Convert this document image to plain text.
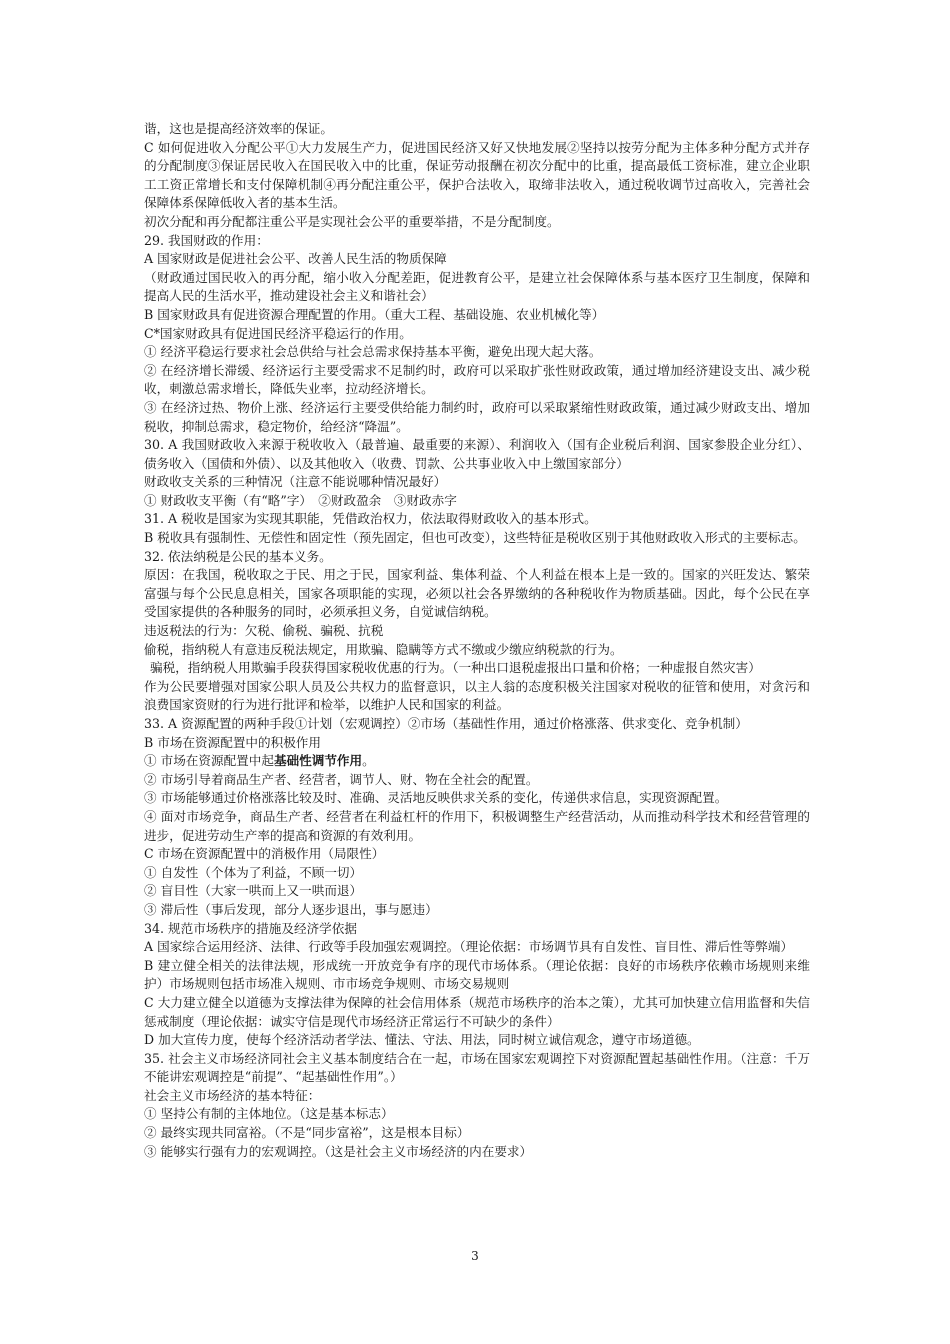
谐，这也是提高经济效率的保证。

C 如何促进收入分配公平①大力发展生产力，促进国民经济又好又快地发展②坚持以按劳分配为主体多种分配方式并存的分配制度③保证居民收入在国民收入中的比重，保证劳动报酬在初次分配中的比重，提高最低工资标准，建立企业职工工资正常增长和支付保障机制④再分配注重公平，保护合法收入，取缔非法收入，通过税收调节过高收入，完善社会保障体系保障低收入者的基本生活。

初次分配和再分配都注重公平是实现社会公平的重要举措，不是分配制度。

29. 我国财政的作用：

A 国家财政是促进社会公平、改善人民生活的物质保障

（财政通过国民收入的再分配，缩小收入分配差距，促进教育公平，是建立社会保障体系与基本医疗卫生制度，保障和提高人民的生活水平，推动建设社会主义和谐社会）

B 国家财政具有促进资源合理配置的作用。（重大工程、基础设施、农业机械化等）

C*国家财政具有促进国民经济平稳运行的作用。

① 经济平稳运行要求社会总供给与社会总需求保持基本平衡，避免出现大起大落。

② 在经济增长滞缓、经济运行主要受需求不足制约时，政府可以采取扩张性财政政策，通过增加经济建设支出、减少税收，刺激总需求增长，降低失业率，拉动经济增长。

③ 在经济过热、物价上涨、经济运行主要受供给能力制约时，政府可以采取紧缩性财政政策，通过减少财政支出、增加税收，抑制总需求，稳定物价，给经济“降温”。

30. A 我国财政收入来源于税收收入（最普遍、最重要的来源）、利润收入（国有企业税后利润、国家参股企业分红）、债务收入（国债和外债）、以及其他收入（收费、罚款、公共事业收入中上缴国家部分）

财政收支关系的三种情况（注意不能说哪种情况最好）

① 财政收支平衡（有“略”字）　②财政盈余　③财政赤字

31. A 税收是国家为实现其职能，凭借政治权力，依法取得财政收入的基本形式。

B 税收具有强制性、无偿性和固定性（预先固定，但也可改变），这些特征是税收区别于其他财政收入形式的主要标志。

32. 依法纳税是公民的基本义务。

原因：在我国，税收取之于民、用之于民，国家利益、集体利益、个人利益在根本上是一致的。国家的兴旺发达、繁荣富强与每个公民息息相关，国家各项职能的实现，必须以社会各界缴纳的各种税收作为物质基础。因此，每个公民在享受国家提供的各种服务的同时，必须承担义务，自觉诚信纳税。

违返税法的行为：欠税、偷税、骗税、抗税

偷税，指纳税人有意违反税法规定，用欺骗、隐瞒等方式不缴或少缴应纳税款的行为。

骗税，指纳税人用欺骗手段获得国家税收优惠的行为。（一种出口退税虚报出口量和价格；一种虚报自然灾害）

作为公民要增强对国家公职人员及公共权力的监督意识，以主人翁的态度积极关注国家对税收的征管和使用，对贪污和浪费国家资财的行为进行批评和检举，以维护人民和国家的利益。

33. A 资源配置的两种手段①计划（宏观调控）②市场（基础性作用，通过价格涨落、供求变化、竞争机制）

B 市场在资源配置中的积极作用

① 市场在资源配置中起基础性调节作用。

② 市场引导着商品生产者、经营者，调节人、财、物在全社会的配置。

③ 市场能够通过价格涨落比较及时、准确、灵活地反映供求关系的变化，传递供求信息，实现资源配置。

④ 面对市场竞争，商品生产者、经营者在利益杠杆的作用下，积极调整生产经营活动，从而推动科学技术和经营管理的进步，促进劳动生产率的提高和资源的有效利用。

C 市场在资源配置中的消极作用（局限性）

① 自发性（个体为了利益，不顾一切）

② 盲目性（大家一哄而上又一哄而退）

③ 滞后性（事后发现，部分人逐步退出，事与愿违）

34. 规范市场秩序的措施及经济学依据

A 国家综合运用经济、法律、行政等手段加强宏观调控。（理论依据：市场调节具有自发性、盲目性、滞后性等弊端）

B 建立健全相关的法律法规，形成统一开放竞争有序的现代市场体系。（理论依据：良好的市场秩序依赖市场规则来维护）市场规则包括市场准入规则、市市场竞争规则、市场交易规则

C 大力建立健全以道德为支撑法律为保障的社会信用体系（规范市场秩序的治本之策），尤其可加快建立信用监督和失信惩戒制度（理论依据：诚实守信是现代市场经济正常运行不可缺少的条件）

D 加大宣传力度，使每个经济活动者学法、懂法、守法、用法，同时树立诚信观念，遵守市场道德。

35. 社会主义市场经济同社会主义基本制度结合在一起，市场在国家宏观调控下对资源配置起基础性作用。（注意：千万不能讲宏观调控是“前提”、“起基础性作用”。）

社会主义市场经济的基本特征：

① 坚持公有制的主体地位。（这是基本标志）

② 最终实现共同富裕。（不是“同步富裕”，这是根本目标）

③ 能够实行强有力的宏观调控。（这是社会主义市场经济的内在要求）

3
